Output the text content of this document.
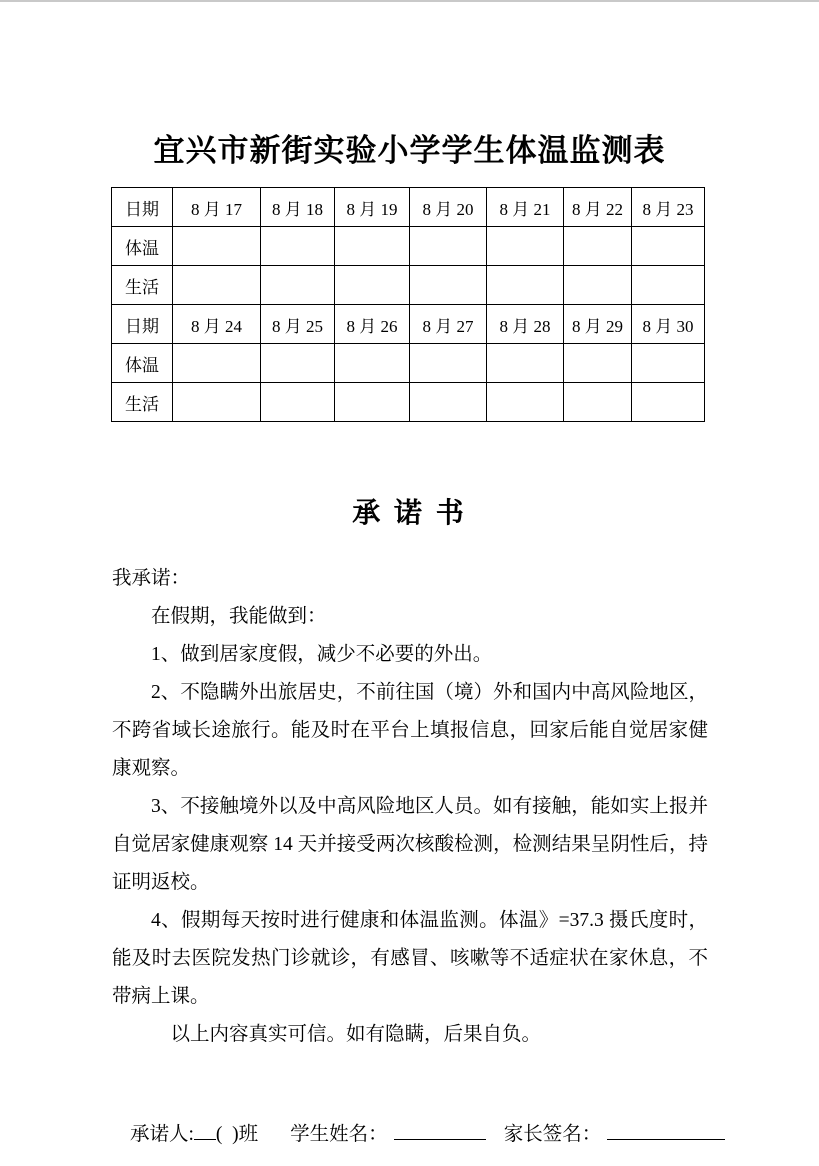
宜兴市新街实验小学学生体温监测表
日期	8 月 17	8 月 18	8 月 19	8 月 20	8 月 21	8 月 22	8 月 23
体温							
生活							
日期	8 月 24	8 月 25	8 月 26	8 月 27	8 月 28	8 月 29	8 月 30
体温							
生活							
承 诺 书

我承诺：

在假期，我能做到：

1、做到居家度假，减少不必要的外出。

2、不隐瞒外出旅居史，不前往国（境）外和国内中高风险地区，不跨省域长途旅行。能及时在平台上填报信息，回家后能自觉居家健康观察。

3、不接触境外以及中高风险地区人员。如有接触，能如实上报并自觉居家健康观察 14 天并接受两次核酸检测，检测结果呈阴性后，持证明返校。

4、假期每天按时进行健康和体温监测。体温》=37.3 摄氏度时，能及时去医院发热门诊就诊，有感冒、咳嗽等不适症状在家休息，不带病上课。

以上内容真实可信。如有隐瞒，后果自负。

承诺人: (  )班 学生姓名：	家长签名：
